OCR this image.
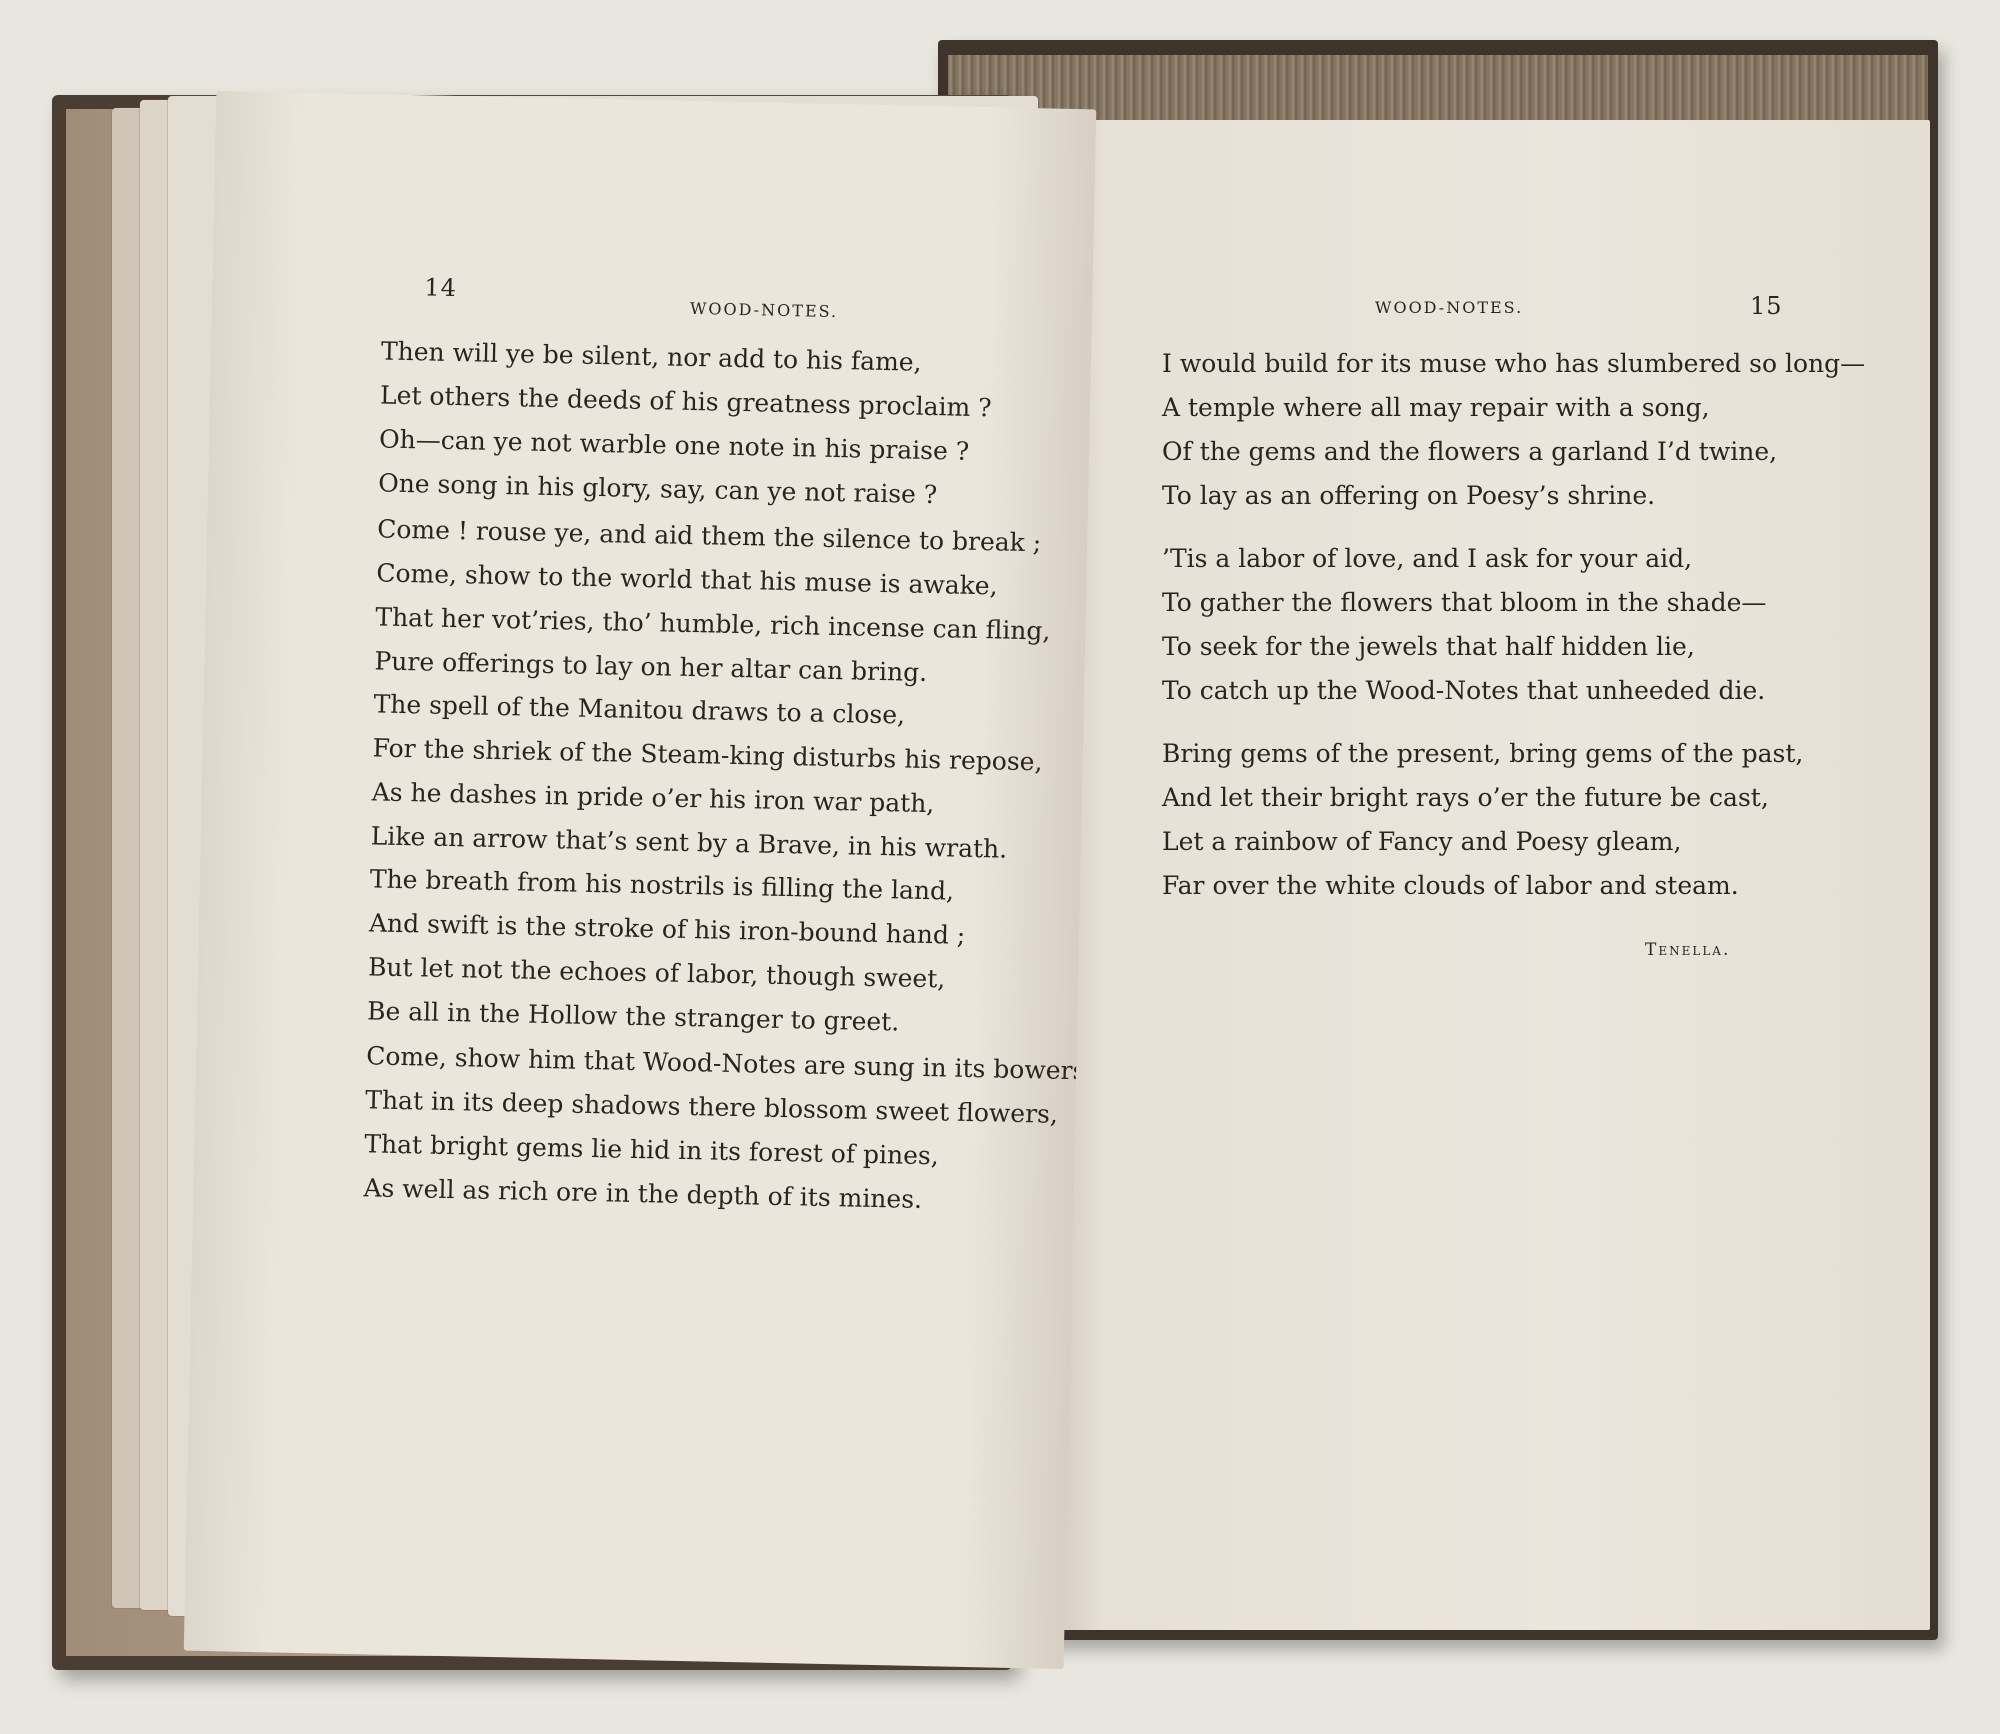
WOOD-NOTES.	15
I would build for its muse who has slumbered so long—
A temple where all may repair with a song,
Of the gems and the flowers a garland I’d twine,
To lay as an offering on Poesy’s shrine.
’Tis a labor of love, and I ask for your aid,
To gather the flowers that bloom in the shade—
To seek for the jewels that half hidden lie,
To catch up the Wood-Notes that unheeded die.
Bring gems of the present, bring gems of the past,
And let their bright rays o’er the future be cast,
Let a rainbow of Fancy and Poesy gleam,
Far over the white clouds of labor and steam.
Tenella.
14
WOOD-NOTES.
Then will ye be silent, nor add to his fame,
Let others the deeds of his greatness proclaim ?
Oh—can ye not warble one note in his praise ?
One song in his glory, say, can ye not raise ?
Come ! rouse ye, and aid them the silence to break ;
Come, show to the world that his muse is awake,
That her vot’ries, tho’ humble, rich incense can fling,
Pure offerings to lay on her altar can bring.
The spell of the Manitou draws to a close,
For the shriek of the Steam-king disturbs his repose,
As he dashes in pride o’er his iron war path,
Like an arrow that’s sent by a Brave, in his wrath.
The breath from his nostrils is filling the land,
And swift is the stroke of his iron-bound hand ;
But let not the echoes of labor, though sweet,
Be all in the Hollow the stranger to greet.
Come, show him that Wood-Notes are sung in its bowers,
That in its deep shadows there blossom sweet flowers,
That bright gems lie hid in its forest of pines,
As well as rich ore in the depth of its mines.
